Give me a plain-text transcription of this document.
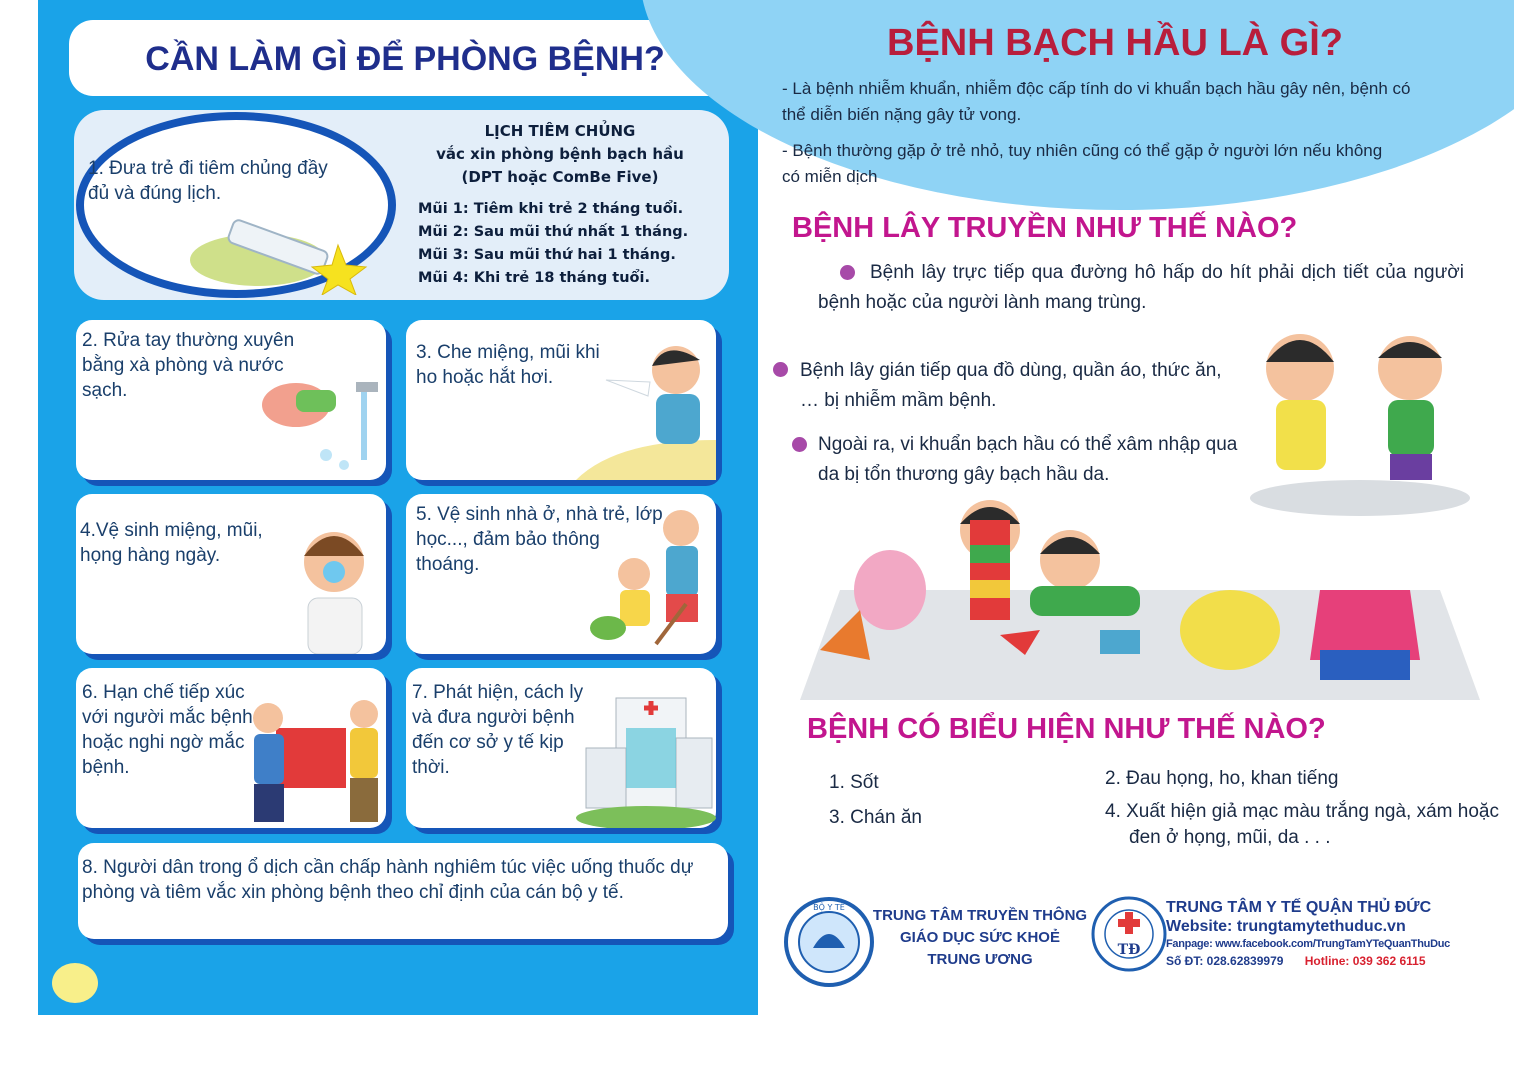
CẦN LÀM GÌ ĐỂ PHÒNG BỆNH?
1. Đưa trẻ đi tiêm chủng đầy đủ và đúng lịch.
LỊCH TIÊM CHỦNG
vắc xin phòng bệnh bạch hầu
(DPT hoặc ComBe Five)
Mũi 1: Tiêm khi trẻ 2 tháng tuổi.
Mũi 2: Sau mũi thứ nhất 1 tháng.
Mũi 3: Sau mũi thứ hai 1 tháng.
Mũi 4: Khi trẻ 18 tháng tuổi.
2. Rửa tay thường xuyên bằng xà phòng và nước sạch.
3. Che miệng, mũi khi ho hoặc hắt hơi.
4.Vệ sinh miệng, mũi, họng hàng ngày.
5. Vệ sinh nhà ở, nhà trẻ, lớp học..., đảm bảo thông thoáng.
6. Hạn chế tiếp xúc với người mắc bệnh hoặc nghi ngờ mắc bệnh.
7. Phát hiện, cách ly và đưa người bệnh đến cơ sở y tế kịp thời.
8. Người dân trong ổ dịch cần chấp hành nghiêm túc việc uống thuốc dự phòng và tiêm vắc xin phòng bệnh theo chỉ định của cán bộ y tế.
BỆNH BẠCH HẦU LÀ GÌ?
- Là bệnh nhiễm khuẩn, nhiễm độc cấp tính do vi khuẩn bạch hầu gây nên, bệnh có thể diễn biến nặng gây tử vong.
- Bệnh thường gặp ở trẻ nhỏ, tuy nhiên cũng có thể gặp ở người lớn nếu không có miễn dịch
BỆNH LÂY TRUYỀN NHƯ THẾ NÀO?
Bệnh lây trực tiếp qua đường hô hấp do hít phải dịch tiết của người bệnh hoặc của người lành mang trùng.
Bệnh lây gián tiếp qua đồ dùng, quần áo, thức ăn, … bị nhiễm mầm bệnh.
Ngoài ra, vi khuẩn bạch hầu có thể xâm nhập qua da bị tổn thương gây bạch hầu da.
BỆNH CÓ BIỂU HIỆN NHƯ THẾ NÀO?
1. Sốt	2. Đau họng, ho, khan tiếng
3. Chán ăn	4. Xuất hiện giả mạc màu trắng ngà, xám hoặc đen ở họng, mũi, da . . .
BỘ Y TẾ TRUNG TÂM TRUYỀN THÔNG
GIÁO DỤC SỨC KHOẺ TRUNG ƯƠNG
TĐ
TRUNG TÂM Y TẾ QUẬN THỦ ĐỨC
Website: trungtamytethuduc.vn
Fanpage: www.facebook.com/TrungTamYTeQuanThuDuc
Số ĐT: 028.62839979 Hotline: 039 362 6115
